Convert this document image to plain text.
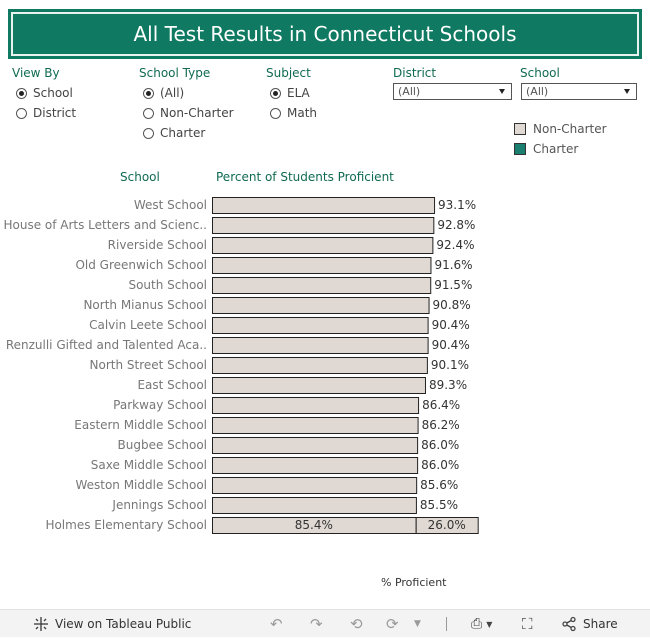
All Test Results in Connecticut Schools
View By
School
District
School Type
(All)
Non-Charter
Charter
Subject
ELA
Math
District
(All)
School
(All)
Non-Charter
Charter
School	Percent of Students Proficient
West School	93.1%
House of Arts Letters and Scienc..	92.8%
Riverside School	92.4%
Old Greenwich School	91.6%
South School	91.5%
North Mianus School	90.8%
Calvin Leete School	90.4%
Renzulli Gifted and Talented Aca..	90.4%
North Street School	90.1%
East School	89.3%
Parkway School	86.4%
Eastern Middle School	86.2%
Bugbee School	86.0%
Saxe Middle School	86.0%
Weston Middle School	85.6%
Jennings School	85.5%
Holmes Elementary School	85.4%	26.0%
% Proficient
View on Tableau Public	↶ ↷ ⟲ ⟳ ▼	⎙ ▼ ⛶	Share
